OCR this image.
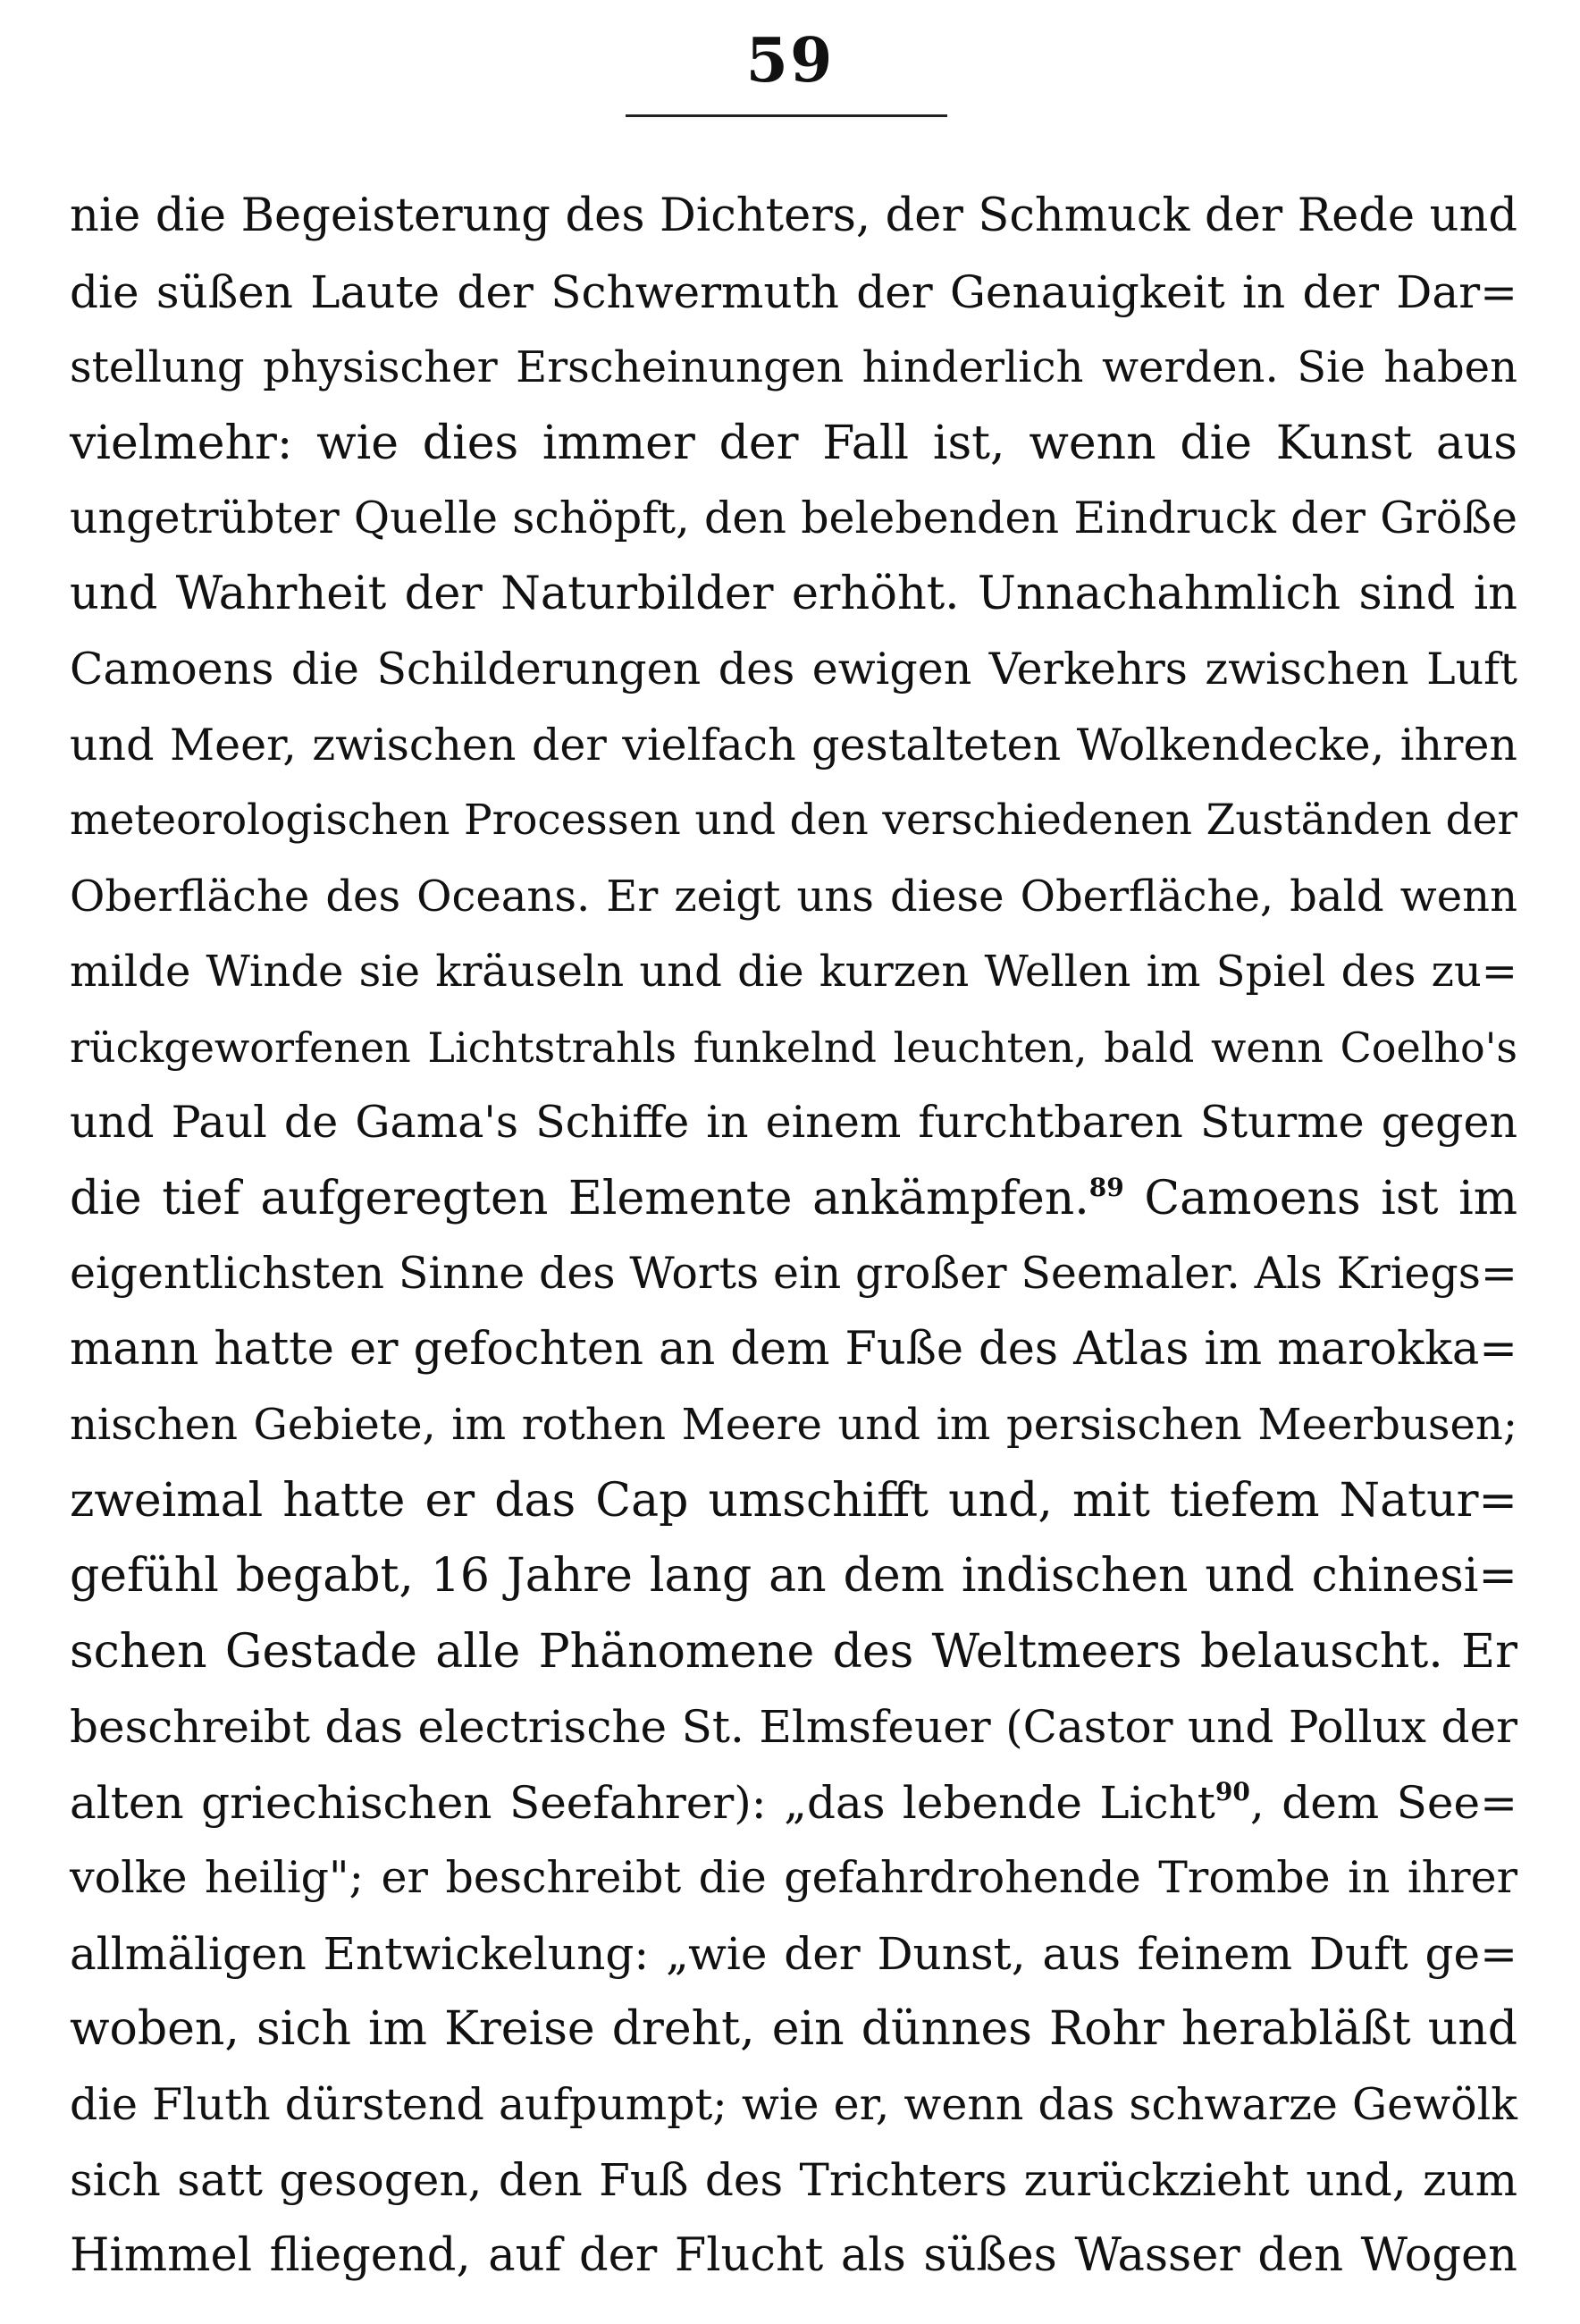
59
nie die Begeisterung des Dichters, der Schmuck der Rede und
die süßen Laute der Schwermuth der Genauigkeit in der Dar=
stellung physischer Erscheinungen hinderlich werden. Sie haben
vielmehr: wie dies immer der Fall ist, wenn die Kunst aus
ungetrübter Quelle schöpft, den belebenden Eindruck der Größe
und Wahrheit der Naturbilder erhöht. Unnachahmlich sind in
Camoens die Schilderungen des ewigen Verkehrs zwischen Luft
und Meer, zwischen der vielfach gestalteten Wolkendecke, ihren
meteorologischen Processen und den verschiedenen Zuständen der
Oberfläche des Oceans. Er zeigt uns diese Oberfläche, bald wenn
milde Winde sie kräuseln und die kurzen Wellen im Spiel des zu=
rückgeworfenen Lichtstrahls funkelnd leuchten, bald wenn Coelho's
und Paul de Gama's Schiffe in einem furchtbaren Sturme gegen
die tief aufgeregten Elemente ankämpfen.$^{89}$ Camoens ist im
eigentlichsten Sinne des Worts ein großer Seemaler. Als Kriegs=
mann hatte er gefochten an dem Fuße des Atlas im marokka=
nischen Gebiete, im rothen Meere und im persischen Meerbusen;
zweimal hatte er das Cap umschifft und, mit tiefem Natur=
gefühl begabt, 16 Jahre lang an dem indischen und chinesi=
schen Gestade alle Phänomene des Weltmeers belauscht. Er
beschreibt das electrische St. Elmsfeuer (Castor und Pollux der
alten griechischen Seefahrer): „das lebende Licht$^{90}$, dem See=
volke heilig"; er beschreibt die gefahrdrohende Trombe in ihrer
allmäligen Entwickelung: „wie der Dunst, aus feinem Duft ge=
woben, sich im Kreise dreht, ein dünnes Rohr herabläßt und
die Fluth dürstend aufpumpt; wie er, wenn das schwarze Gewölk
sich satt gesogen, den Fuß des Trichters zurückzieht und, zum
Himmel fliegend, auf der Flucht als süßes Wasser den Wogen
